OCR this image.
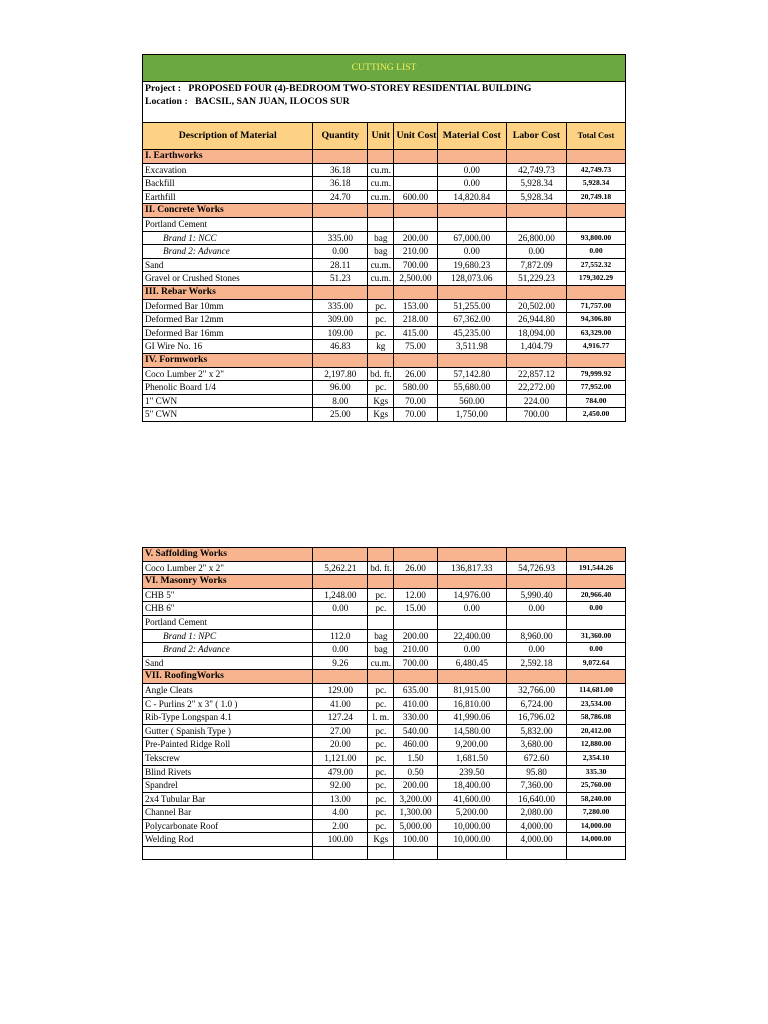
CUTTING LIST						
Project : PROPOSED FOUR (4)-BEDROOM TWO-STOREY RESIDENTIAL BUILDING						
Location : BACSIL, SAN JUAN, ILOCOS SUR						

Description of Material	Quantity	Unit	Unit Cost	Material Cost	Labor Cost	Total Cost
I. Earthworks						
Excavation	36.18	cu.m.		0.00	42,749.73	42,749.73
Backfill	36.18	cu.m.		0.00	5,928.34	5,928.34
Earthfill	24.70	cu.m.	600.00	14,820.84	5,928.34	20,749.18
II. Concrete Works						
Portland Cement						
Brand 1: NCC	335.00	bag	200.00	67,000.00	26,800.00	93,800.00
Brand 2: Advance	0.00	bag	210.00	0.00	0.00	0.00
Sand	28.11	cu.m.	700.00	19,680.23	7,872.09	27,552.32
Gravel or Crushed Stones	51.23	cu.m.	2,500.00	128,073.06	51,229.23	179,302.29
III. Rebar Works						
Deformed Bar 10mm	335.00	pc.	153.00	51,255.00	20,502.00	71,757.00
Deformed Bar 12mm	309.00	pc.	218.00	67,362.00	26,944.80	94,306.80
Deformed Bar 16mm	109.00	pc.	415.00	45,235.00	18,094.00	63,329.00
GI Wire No. 16	46.83	kg	75.00	3,511.98	1,404.79	4,916.77
IV. Formworks						
Coco Lumber 2" x 2"	2,197.80	bd. ft.	26.00	57,142.80	22,857.12	79,999.92
Phenolic Board 1/4	96.00	pc.	580.00	55,680.00	22,272.00	77,952.00
1" CWN	8.00	Kgs	70.00	560.00	224.00	784.00
5" CWN	25.00	Kgs	70.00	1,750.00	700.00	2,450.00
V. Saffolding Works						
Coco Lumber 2" x 2"	5,262.21	bd. ft.	26.00	136,817.33	54,726.93	191,544.26
VI. Masonry Works						
CHB 5"	1,248.00	pc.	12.00	14,976.00	5,990.40	20,966.40
CHB 6"	0.00	pc.	15.00	0.00	0.00	0.00
Portland Cement						
Brand 1: NPC	112.0	bag	200.00	22,400.00	8,960.00	31,360.00
Brand 2: Advance	0.00	bag	210.00	0.00	0.00	0.00
Sand	9.26	cu.m.	700.00	6,480.45	2,592.18	9,072.64
VII. RoofingWorks						
Angle Cleats	129.00	pc.	635.00	81,915.00	32,766.00	114,681.00
C - Purlins 2" x 3" ( 1.0 )	41.00	pc.	410.00	16,810.00	6,724.00	23,534.00
Rib-Type Longspan 4.1	127.24	l. m.	330.00	41,990.06	16,796.02	58,786.08
Gutter ( Spanish Type )	27.00	pc.	540.00	14,580.00	5,832.00	20,412.00
Pre-Painted Ridge Roll	20.00	pc.	460.00	9,200.00	3,680.00	12,880.00
Tekscrew	1,121.00	pc.	1.50	1,681.50	672.60	2,354.10
Blind Rivets	479.00	pc.	0.50	239.50	95.80	335.30
Spandrel	92.00	pc.	200.00	18,400.00	7,360.00	25,760.00
2x4 Tubular Bar	13.00	pc.	3,200.00	41,600.00	16,640.00	58,240.00
Channel Bar	4.00	pc.	1,300.00	5,200.00	2,080.00	7,280.00
Polycarbonate Roof	2.00	pc.	5,000.00	10,000.00	4,000.00	14,000.00
Welding Rod	100.00	Kgs	100.00	10,000.00	4,000.00	14,000.00
